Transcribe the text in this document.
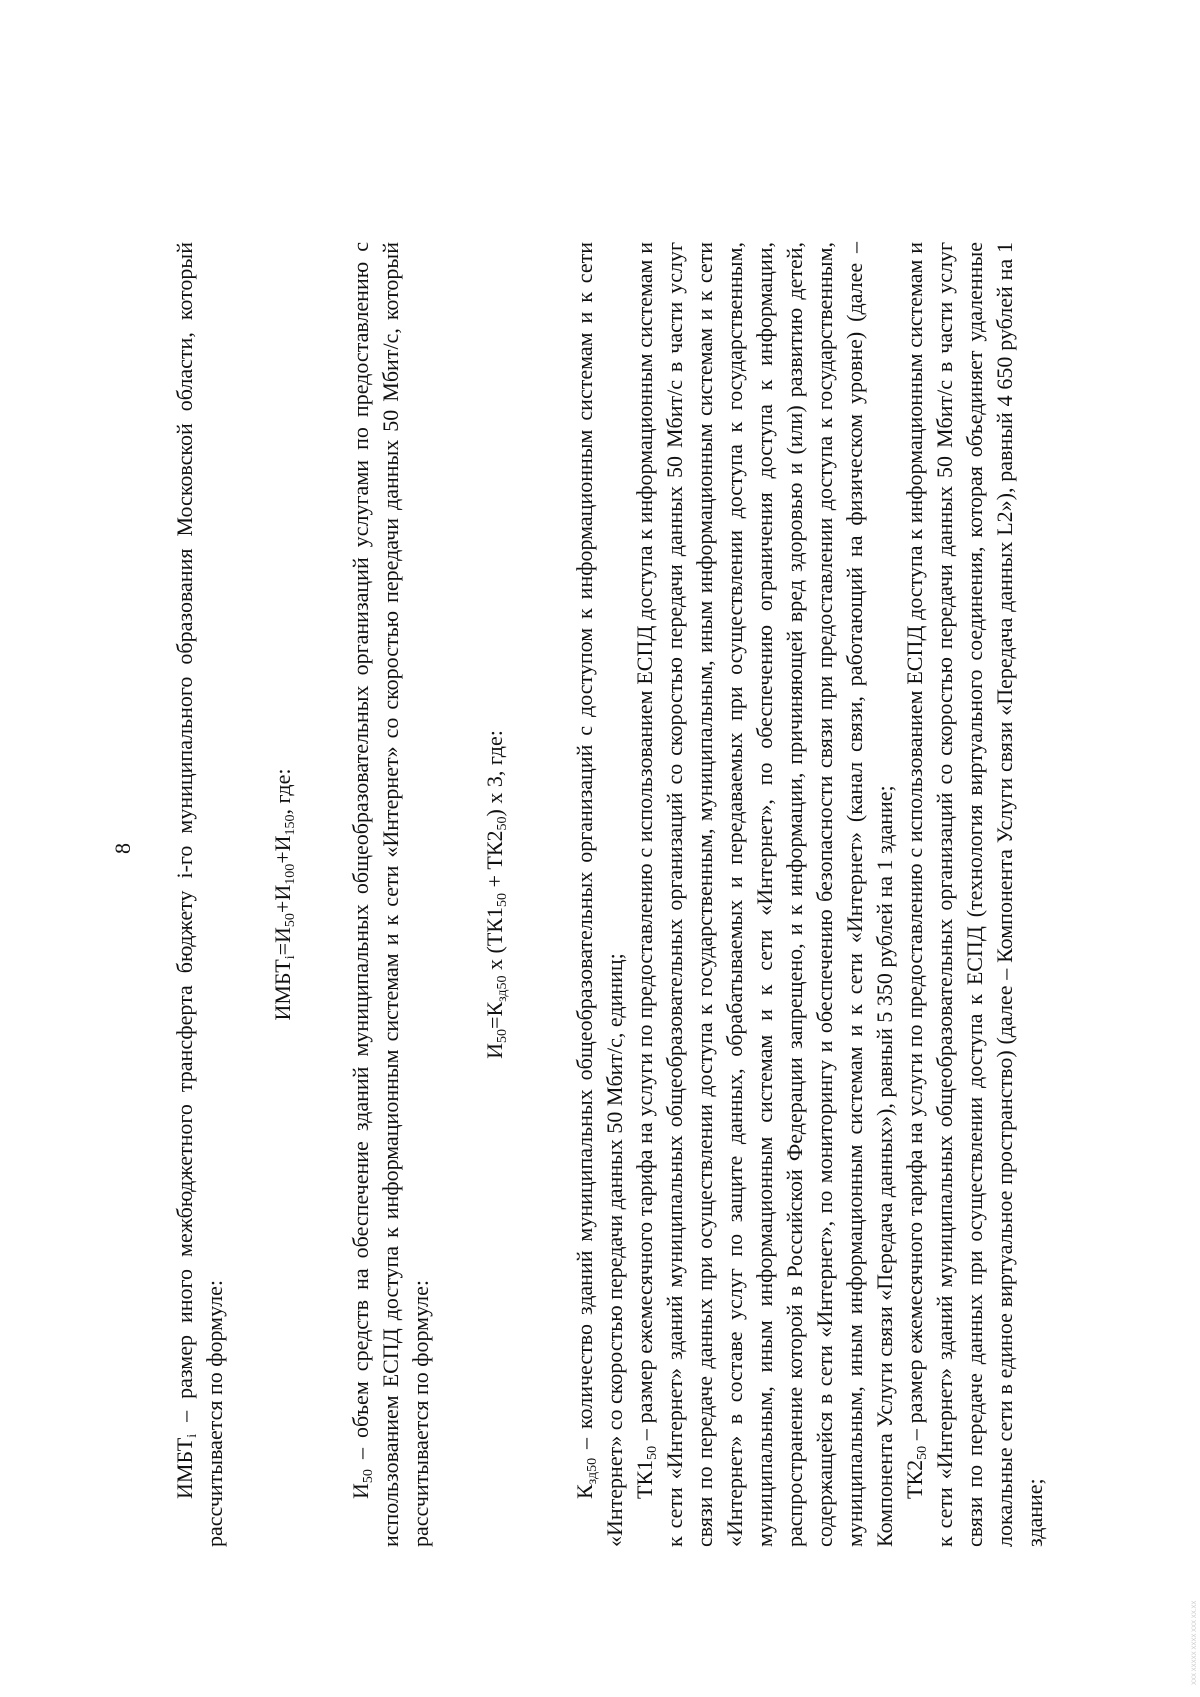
8

$ИМБТ_i$ – размер иного межбюджетного трансферта бюджету i-го муниципального образования Московской области, который рассчитывается по формуле:

$ИМБТ_i=И_{50}+И_{100}+И_{150}$, где:

$И_{50}$ – объем средств на обеспечение зданий муниципальных общеобразовательных организаций услугами по предоставлению с использованием ЕСПД доступа к информационным системам и к сети «Интернет» со скоростью передачи данных 50 Мбит/с, который рассчитывается по формуле:

$И_{50}=К_{зд50}$ х $(ТК1_{50} + ТК2_{50})$ х 3, где:

$К_{зд50}$ – количество зданий муниципальных общеобразовательных организаций с доступом к информационным системам и к сети «Интернет» со скоростью передачи данных 50 Мбит/с, единиц; $ТК1_{50}$ – размер ежемесячного тарифа на услуги по предоставлению с использованием ЕСПД доступа к информационным системам и к сети «Интернет» зданий муниципальных общеобразовательных организаций со скоростью передачи данных 50 Мбит/с в части услуг связи по передаче данных при осуществлении доступа к государственным, муниципальным, иным информационным системам и к сети «Интернет» в составе услуг по защите данных, обрабатываемых и передаваемых при осуществлении доступа к государственным, муниципальным, иным информационным системам и к сети «Интернет», по обеспечению ограничения доступа к информации, распространение которой в Российской Федерации запрещено, и к информации, причиняющей вред здоровью и (или) развитию детей, содержащейся в сети «Интернет», по мониторингу и обеспечению безопасности связи при предоставлении доступа к государственным, муниципальным, иным информационным системам и к сети «Интернет» (канал связи, работающий на физическом уровне) (далее – Компонента Услуги связи «Передача данных»), равный 5 350 рублей на 1 здание; $ТК2_{50}$ – размер ежемесячного тарифа на услуги по предоставлению с использованием ЕСПД доступа к информационным системам и к сети «Интернет» зданий муниципальных общеобразовательных организаций со скоростью передачи данных 50 Мбит/с в части услуг связи по передаче данных при осуществлении доступа к ЕСПД (технология виртуального соединения, которая объединяет удаленные локальные сети в единое виртуальное пространство) (далее – Компонента Услуги связи «Передача данных L2»), равный 4 650 рублей на 1 здание;

ХХХ ХХХХХ ХХХХ ХХХ ХХ.ХХ
